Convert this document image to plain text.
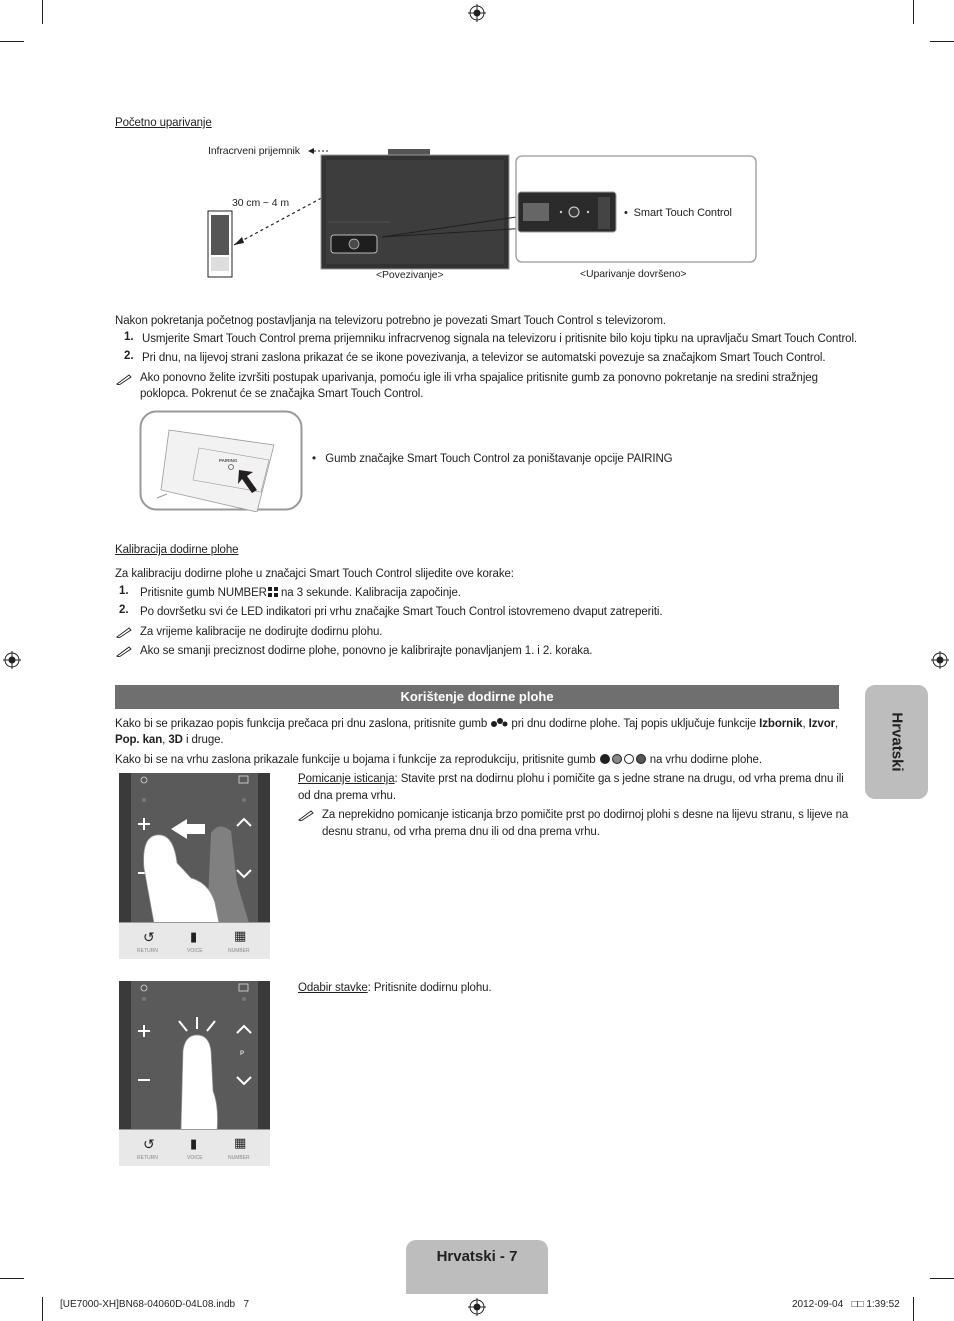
Početno uparivanje
Infracrveni prijemnik
30 cm ~ 4 m
•  Smart Touch Control
<Povezivanje>	<Uparivanje dovršeno>
Nakon pokretanja početnog postavljanja na televizoru potrebno je povezati Smart Touch Control s televizorom.
1. Usmjerite Smart Touch Control prema prijemniku infracrvenog signala na televizoru i pritisnite bilo koju tipku na upravljaču Smart Touch Control.
2. Pri dnu, na lijevoj strani zaslona prikazat će se ikone povezivanja, a televizor se automatski povezuje sa značajkom Smart Touch Control.
Ako ponovno želite izvršiti postupak uparivanja, pomoću igle ili vrha spajalice pritisnite gumb za ponovno pokretanje na sredini stražnjeg
poklopca. Pokrenut će se značajka Smart Touch Control.
PAIRING	•   Gumb značajke Smart Touch Control za poništavanje opcije PAIRING
Kalibracija dodirne plohe
Za kalibraciju dodirne plohe u značajci Smart Touch Control slijedite ove korake:
1. Pritisnite gumb NUMBER na 3 sekunde. Kalibracija započinje.
2. Po dovršetku svi će LED indikatori pri vrhu značajke Smart Touch Control istovremeno dvaput zatreperiti.
Za vrijeme kalibracije ne dodirujte dodirnu plohu.
Ako se smanji preciznost dodirne plohe, ponovno je kalibrirajte ponavljanjem 1. i 2. koraka.
Korištenje dodirne plohe
Kako bi se prikazao popis funkcija prečaca pri dnu zaslona, pritisnite gumb  pri dnu dodirne plohe. Taj popis uključuje funkcije Izbornik, Izvor,
Pop. kan, 3D i druge.
Kako bi se na vrhu zaslona prikazale funkcije u bojama i funkcije za reprodukciju, pritisnite gumb	na vrhu dodirne plohe.
↺	▮	▦
RETURN	VOICE	NUMBER
Pomicanje isticanja: Stavite prst na dodirnu plohu i pomičite ga s jedne strane na drugu, od vrha prema dnu ili
od dna prema vrhu.
Za neprekidno pomicanje isticanja brzo pomičite prst po dodirnoj plohi s desne na lijevu stranu, s lijeve na
desnu stranu, od vrha prema dnu ili od dna prema vrhu.
P
↺	▮	▦
RETURN	VOICE	NUMBER
Odabir stavke: Pritisnite dodirnu plohu.
Hrvatski
Hrvatski - 7
[UE7000-XH]BN68-04060D-04L08.indb   7	2012-09-04   □□ 1:39:52
